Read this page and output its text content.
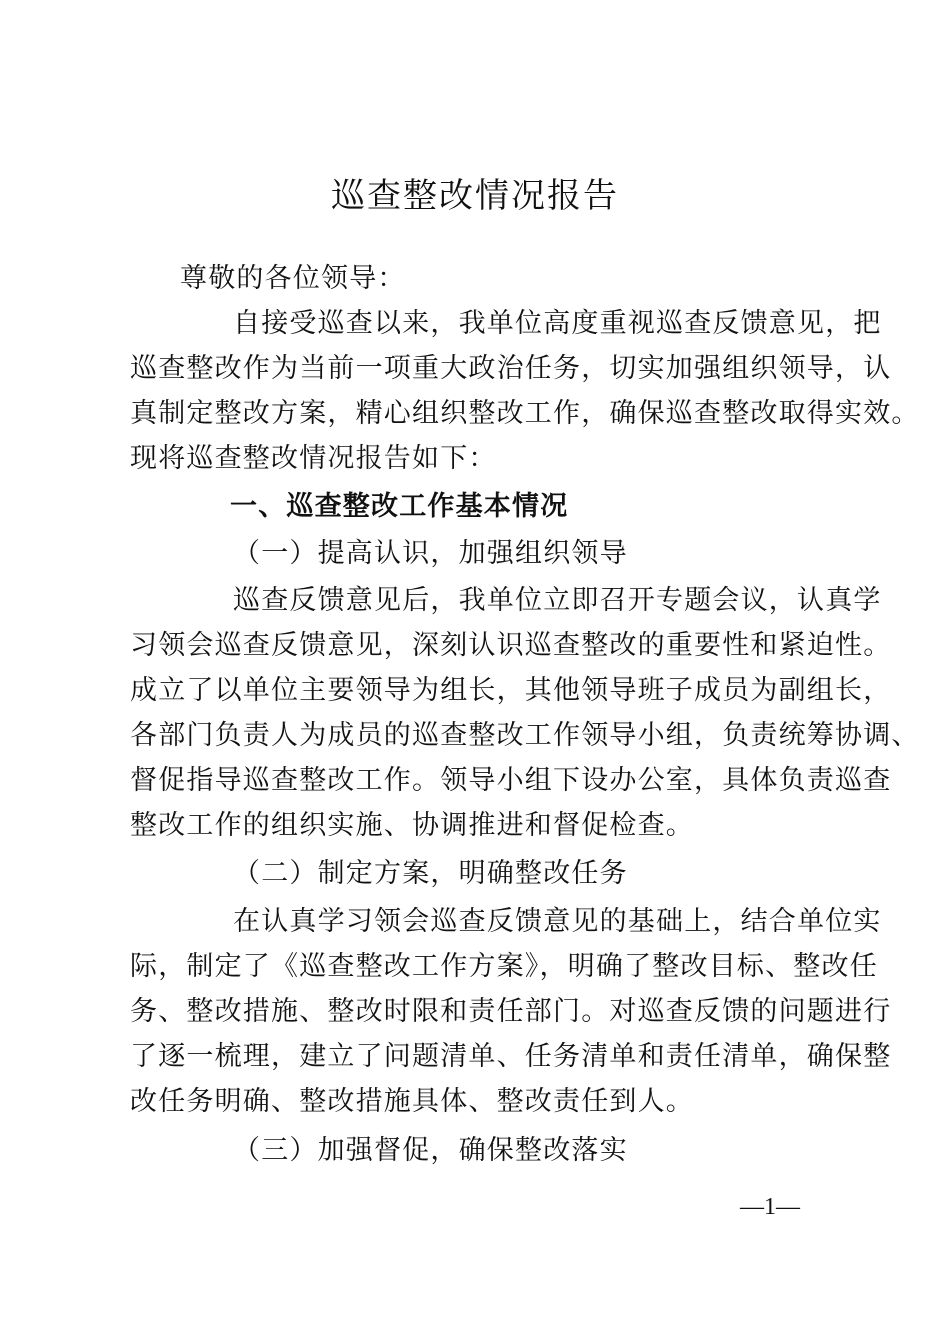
巡查整改情况报告
尊敬的各位领导：
自接受巡查以来，我单位高度重视巡查反馈意见，把
巡查整改作为当前一项重大政治任务，切实加强组织领导，认
真制定整改方案，精心组织整改工作，确保巡查整改取得实效。
现将巡查整改情况报告如下：
一、巡查整改工作基本情况
（一）提高认识，加强组织领导
巡查反馈意见后，我单位立即召开专题会议，认真学
习领会巡查反馈意见，深刻认识巡查整改的重要性和紧迫性。
成立了以单位主要领导为组长，其他领导班子成员为副组长，
各部门负责人为成员的巡查整改工作领导小组，负责统筹协调、
督促指导巡查整改工作。领导小组下设办公室，具体负责巡查
整改工作的组织实施、协调推进和督促检查。
（二）制定方案，明确整改任务
在认真学习领会巡查反馈意见的基础上，结合单位实
际，制定了《巡查整改工作方案》，明确了整改目标、整改任
务、整改措施、整改时限和责任部门。对巡查反馈的问题进行
了逐一梳理，建立了问题清单、任务清单和责任清单，确保整
改任务明确、整改措施具体、整改责任到人。
（三）加强督促，确保整改落实
—1—
